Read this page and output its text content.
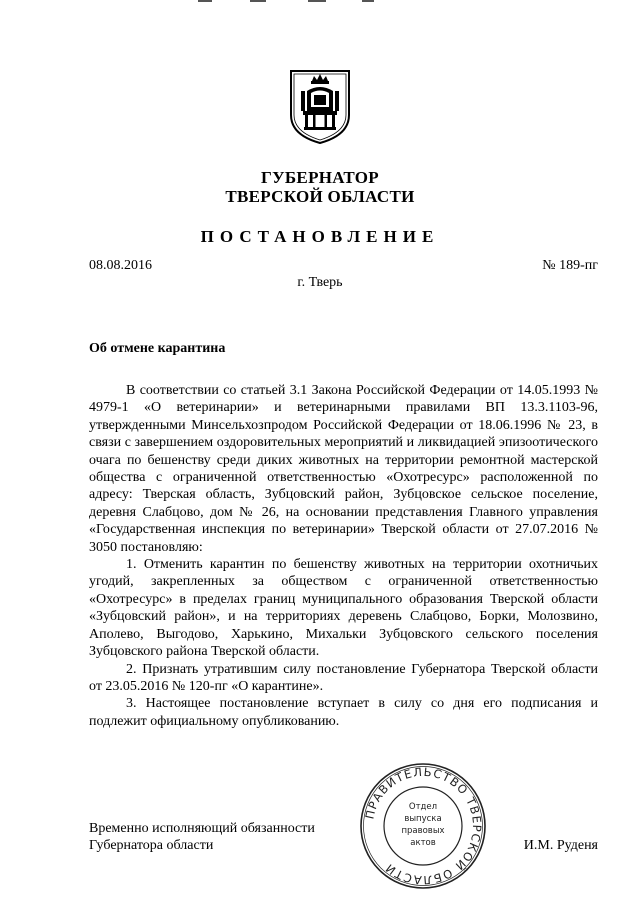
ГУБЕРНАТОР
ТВЕРСКОЙ ОБЛАСТИ
ПОСТАНОВЛЕНИЕ
08.08.2016	№ 189-пг
г. Тверь
Об отмене карантина

В соответствии со статьей 3.1 Закона Российской Федерации от 14.05.1993 № 4979-1 «О ветеринарии» и ветеринарными правилами ВП 13.3.1103-96, утвержденными Минсельхозпродом Российской Федерации от 18.06.1996 № 23, в связи с завершением оздоровительных мероприятий и ликвидацией эпизоотического очага по бешенству среди диких животных на территории ремонтной мастерской общества с ограниченной ответственностью «Охотресурс» расположенной по адресу: Тверская область, Зубцовский район, Зубцовское сельское поселение, деревня Слабцово, дом № 26, на основании представления Главного управления «Государственная инспекция по ветеринарии» Тверской области от 27.07.2016 № 3050 постановляю:

1. Отменить карантин по бешенству животных на территории охотничьих угодий, закрепленных за обществом с ограниченной ответственностью «Охотресурс» в пределах границ муниципального образования Тверской области «Зубцовский район», и на территориях деревень Слабцово, Борки, Молозвино, Аполево, Выгодово, Харькино, Михальки Зубцовского сельского поселения Зубцовского района Тверской области.

2. Признать утратившим силу постановление Губернатора Тверской области от 23.05.2016 № 120-пг «О карантине».

3. Настоящее постановление вступает в силу со дня его подписания и подлежит официальному опубликованию.

Временно исполняющий обязанности
Губернатора области	И.М. Руденя
ПРАВИТЕЛЬСТВО ТВЕРСКОЙ ОБЛАСТИ
Отдел
выпуска
правовых
актов
